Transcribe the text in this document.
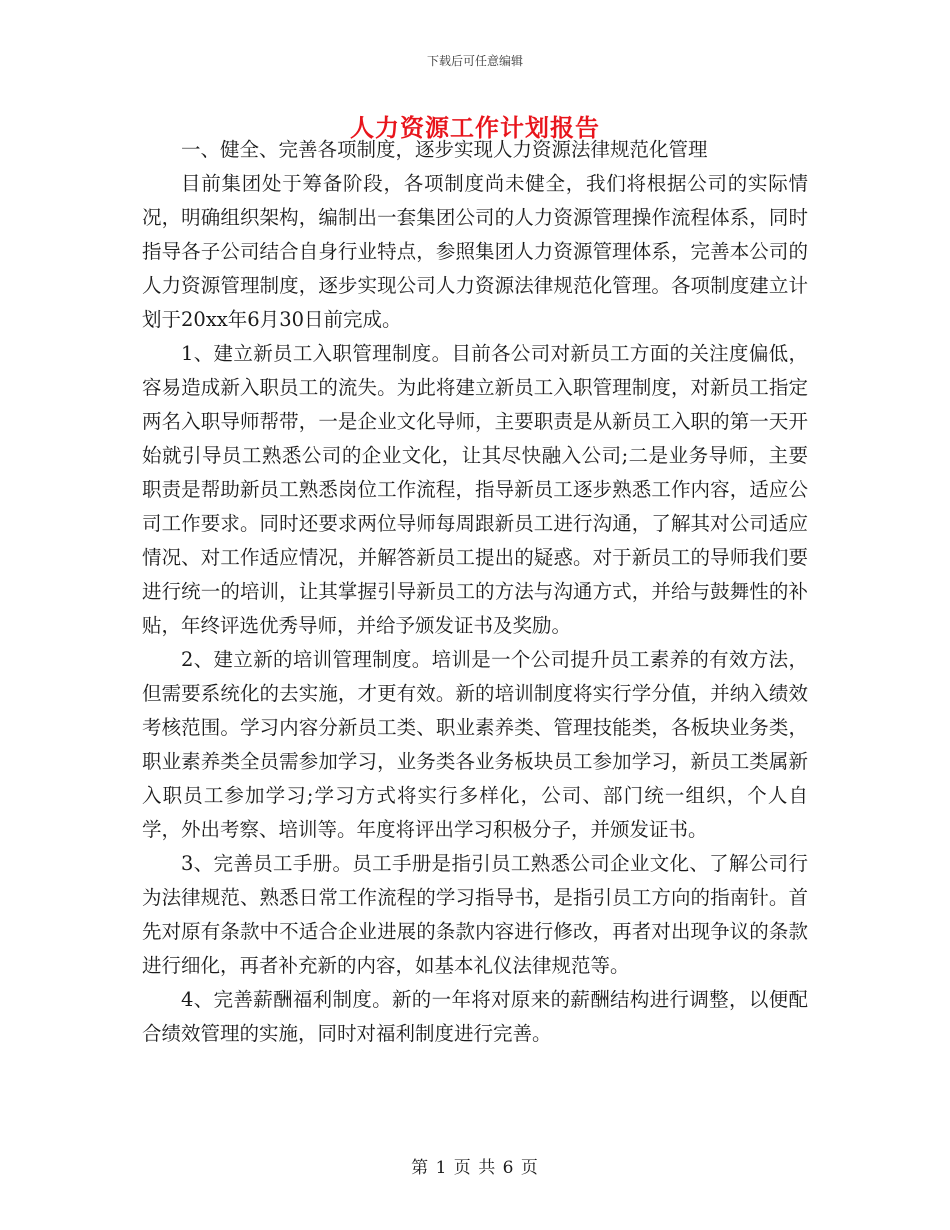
下载后可任意编辑
人力资源工作计划报告

一、健全、完善各项制度，逐步实现人力资源法律规范化管理

目前集团处于筹备阶段，各项制度尚未健全，我们将根据公司的实际情况，明确组织架构，编制出一套集团公司的人力资源管理操作流程体系，同时指导各子公司结合自身行业特点，参照集团人力资源管理体系，完善本公司的人力资源管理制度，逐步实现公司人力资源法律规范化管理。各项制度建立计划于20xx年6月30日前完成。

1、建立新员工入职管理制度。目前各公司对新员工方面的关注度偏低，容易造成新入职员工的流失。为此将建立新员工入职管理制度，对新员工指定两名入职导师帮带，一是企业文化导师，主要职责是从新员工入职的第一天开始就引导员工熟悉公司的企业文化，让其尽快融入公司;二是业务导师，主要职责是帮助新员工熟悉岗位工作流程，指导新员工逐步熟悉工作内容，适应公司工作要求。同时还要求两位导师每周跟新员工进行沟通，了解其对公司适应情况、对工作适应情况，并解答新员工提出的疑惑。对于新员工的导师我们要进行统一的培训，让其掌握引导新员工的方法与沟通方式，并给与鼓舞性的补贴，年终评选优秀导师，并给予颁发证书及奖励。

2、建立新的培训管理制度。培训是一个公司提升员工素养的有效方法，但需要系统化的去实施，才更有效。新的培训制度将实行学分值，并纳入绩效考核范围。学习内容分新员工类、职业素养类、管理技能类，各板块业务类，职业素养类全员需参加学习，业务类各业务板块员工参加学习，新员工类属新入职员工参加学习;学习方式将实行多样化，公司、部门统一组织，个人自学，外出考察、培训等。年度将评出学习积极分子，并颁发证书。

3、完善员工手册。员工手册是指引员工熟悉公司企业文化、了解公司行为法律规范、熟悉日常工作流程的学习指导书，是指引员工方向的指南针。首先对原有条款中不适合企业进展的条款内容进行修改，再者对出现争议的条款进行细化，再者补充新的内容，如基本礼仪法律规范等。

4、完善薪酬福利制度。新的一年将对原来的薪酬结构进行调整，以便配合绩效管理的实施，同时对福利制度进行完善。

第 1 页 共 6 页
